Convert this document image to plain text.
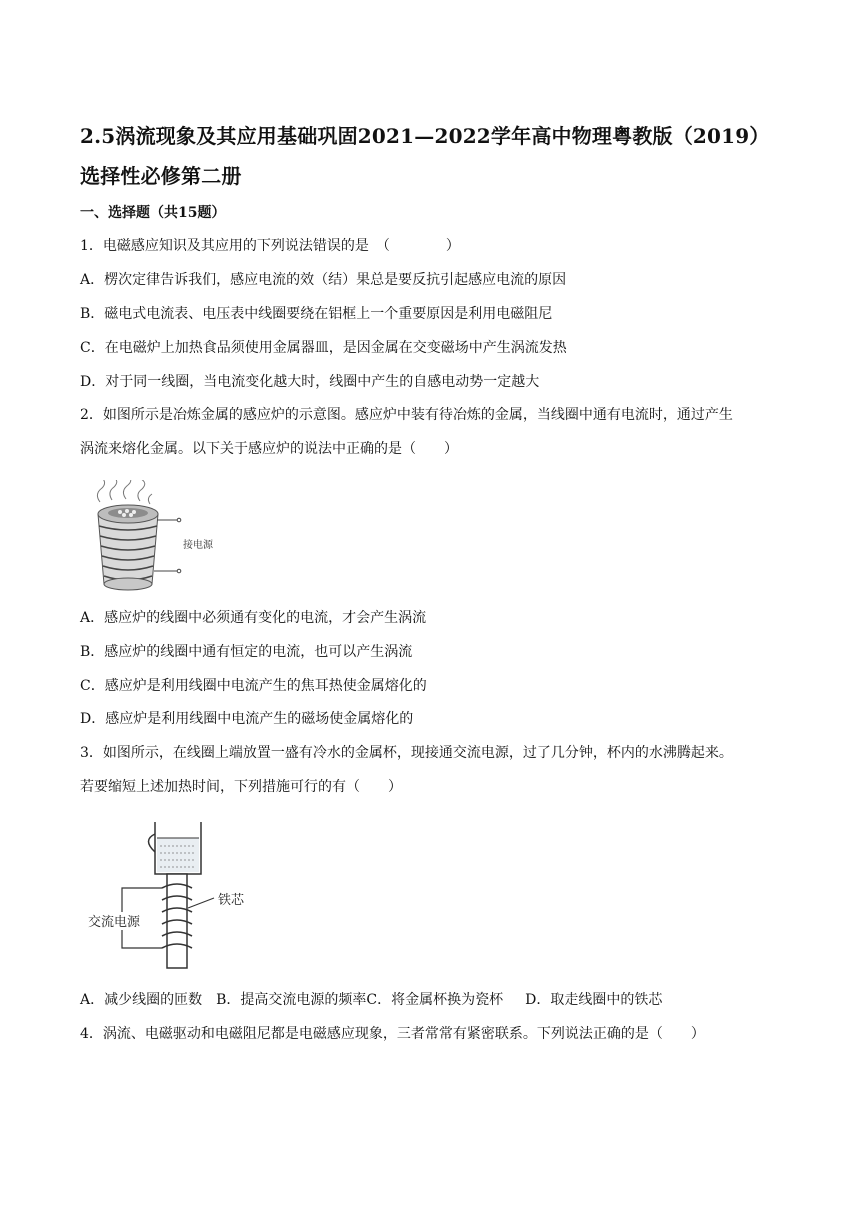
2.5涡流现象及其应用基础巩固2021—2022学年高中物理粤教版（2019）
选择性必修第二册
一、选择题（共15题）
1．电磁感应知识及其应用的下列说法错误的是　（　　　　）
A．楞次定律告诉我们，感应电流的效（结）果总是要反抗引起感应电流的原因
B．磁电式电流表、电压表中线圈要绕在铝框上一个重要原因是利用电磁阻尼
C．在电磁炉上加热食品须使用金属器皿，是因金属在交变磁场中产生涡流发热
D．对于同一线圈，当电流变化越大时，线圈中产生的自感电动势一定越大
2．如图所示是冶炼金属的感应炉的示意图。感应炉中装有待冶炼的金属，当线圈中通有电流时，通过产生
涡流来熔化金属。以下关于感应炉的说法中正确的是（　　）
接电源
A．感应炉的线圈中必须通有变化的电流，才会产生涡流
B．感应炉的线圈中通有恒定的电流，也可以产生涡流
C．感应炉是利用线圈中电流产生的焦耳热使金属熔化的
D．感应炉是利用线圈中电流产生的磁场使金属熔化的
3．如图所示，在线圈上端放置一盛有冷水的金属杯，现接通交流电源，过了几分钟，杯内的水沸腾起来。
若要缩短上述加热时间，下列措施可行的有（　　）
交流电源
铁芯
A．减少线圈的匝数 B．提高交流电源的频率C．将金属杯换为瓷杯 D．取走线圈中的铁芯
4．涡流、电磁驱动和电磁阻尼都是电磁感应现象，三者常常有紧密联系。下列说法正确的是（　　）
